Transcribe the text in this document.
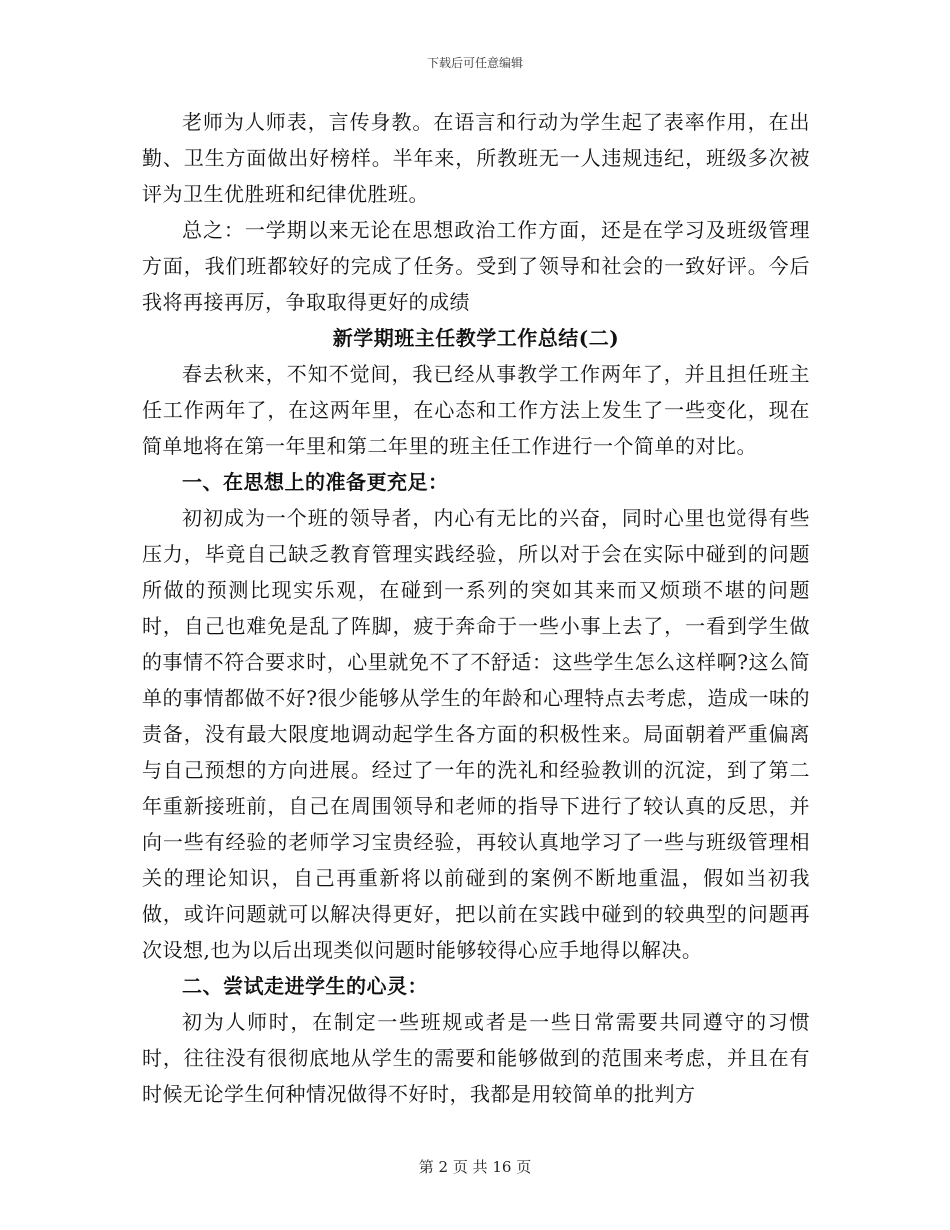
下载后可任意编辑

老师为人师表，言传身教。在语言和行动为学生起了表率作用，在出勤、卫生方面做出好榜样。半年来，所教班无一人违规违纪，班级多次被评为卫生优胜班和纪律优胜班。

总之：一学期以来无论在思想政治工作方面，还是在学习及班级管理方面，我们班都较好的完成了任务。受到了领导和社会的一致好评。今后我将再接再厉，争取取得更好的成绩

新学期班主任教学工作总结(二)

春去秋来，不知不觉间，我已经从事教学工作两年了，并且担任班主任工作两年了，在这两年里，在心态和工作方法上发生了一些变化，现在简单地将在第一年里和第二年里的班主任工作进行一个简单的对比。

一、在思想上的准备更充足：

初初成为一个班的领导者，内心有无比的兴奋，同时心里也觉得有些压力，毕竟自己缺乏教育管理实践经验，所以对于会在实际中碰到的问题所做的预测比现实乐观，在碰到一系列的突如其来而又烦琐不堪的问题时，自己也难免是乱了阵脚，疲于奔命于一些小事上去了，一看到学生做的事情不符合要求时，心里就免不了不舒适：这些学生怎么这样啊?这么简单的事情都做不好?很少能够从学生的年龄和心理特点去考虑，造成一味的责备，没有最大限度地调动起学生各方面的积极性来。局面朝着严重偏离与自己预想的方向进展。经过了一年的洗礼和经验教训的沉淀，到了第二年重新接班前，自己在周围领导和老师的指导下进行了较认真的反思，并向一些有经验的老师学习宝贵经验，再较认真地学习了一些与班级管理相关的理论知识，自己再重新将以前碰到的案例不断地重温，假如当初我做，或许问题就可以解决得更好，把以前在实践中碰到的较典型的问题再次设想,也为以后出现类似问题时能够较得心应手地得以解决。

二、尝试走进学生的心灵：

初为人师时，在制定一些班规或者是一些日常需要共同遵守的习惯时，往往没有很彻底地从学生的需要和能够做到的范围来考虑，并且在有时候无论学生何种情况做得不好时，我都是用较简单的批判方

第 2 页 共 16 页
